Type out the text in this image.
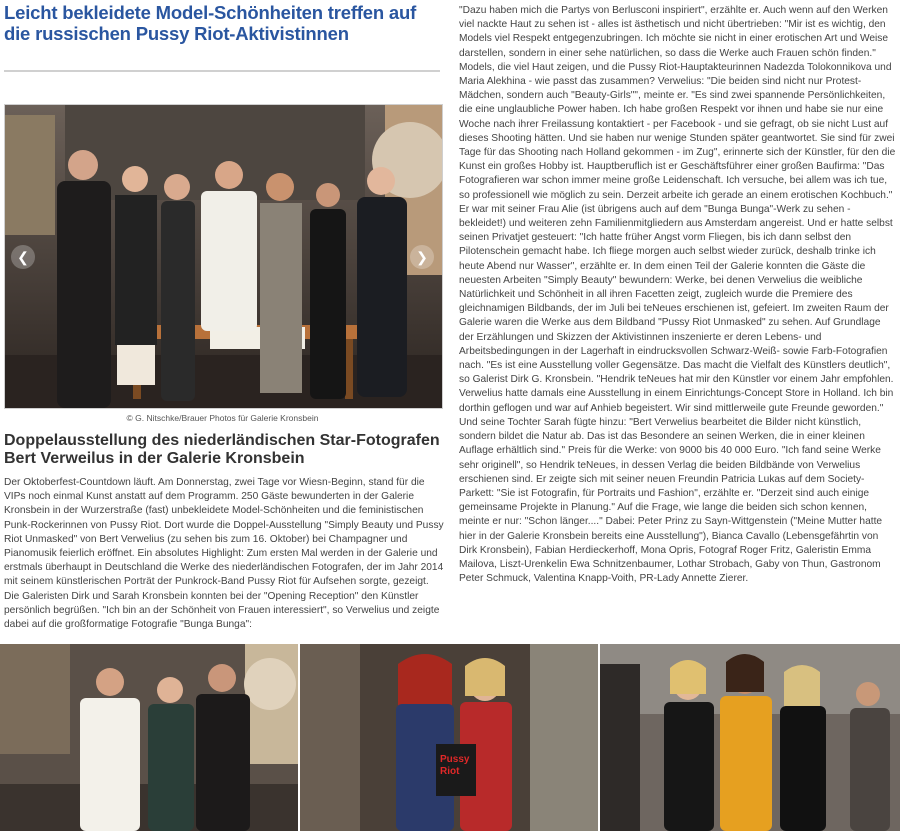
Leicht bekleidete Model-Schönheiten treffen auf die russischen Pussy Riot-Aktivistinnen
❮	❯
© G. Nitschke/Brauer Photos für Galerie Kronsbein
Doppelausstellung des niederländischen Star-Fotografen Bert Verweilus in der Galerie Kronsbein

Der Oktoberfest-Countdown läuft. Am Donnerstag, zwei Tage vor Wiesn-Beginn, stand für die VIPs noch einmal Kunst anstatt auf dem Programm. 250 Gäste bewunderten in der Galerie Kronsbein in der Wurzerstraße (fast) unbekleidete Model-Schönheiten und die feministischen Punk-Rockerinnen von Pussy Riot. Dort wurde die Doppel-Ausstellung "Simply Beauty und Pussy Riot Unmasked" von Bert Verwelius (zu sehen bis zum 16. Oktober) bei Champagner und Pianomusik feierlich eröffnet. Ein absolutes Highlight: Zum ersten Mal werden in der Galerie und erstmals überhaupt in Deutschland die Werke des niederländischen Fotografen, der im Jahr 2014 mit seinem künstlerischen Porträt der Punkrock-Band Pussy Riot für Aufsehen sorgte, gezeigt. Die Galeristen Dirk und Sarah Kronsbein konnten bei der "Opening Reception" den Künstler persönlich begrüßen. "Ich bin an der Schönheit von Frauen interessiert", so Verwelius und zeigte dabei auf die großformatige Fotografie "Bunga Bunga":

"Dazu haben mich die Partys von Berlusconi inspiriert", erzählte er. Auch wenn auf den Werken viel nackte Haut zu sehen ist - alles ist ästhetisch und nicht übertrieben: "Mir ist es wichtig, den Models viel Respekt entgegenzubringen. Ich möchte sie nicht in einer erotischen Art und Weise darstellen, sondern in einer sehe natürlichen, so dass die Werke auch Frauen schön finden." Models, die viel Haut zeigen, und die Pussy Riot-Hauptakteurinnen Nadezda Tolokonnikova und Maria Alekhina - wie passt das zusammen? Verwelius: "Die beiden sind nicht nur Protest-Mädchen, sondern auch "Beauty-Girls"", meinte er. "Es sind zwei spannende Persönlichkeiten, die eine unglaubliche Power haben. Ich habe großen Respekt vor ihnen und habe sie nur eine Woche nach ihrer Freilassung kontaktiert - per Facebook - und sie gefragt, ob sie nicht Lust auf dieses Shooting hätten. Und sie haben nur wenige Stunden später geantwortet. Sie sind für zwei Tage für das Shooting nach Holland gekommen - im Zug", erinnerte sich der Künstler, für den die Kunst ein großes Hobby ist. Hauptberuflich ist er Geschäftsführer einer großen Baufirma: "Das Fotografieren war schon immer meine große Leidenschaft. Ich versuche, bei allem was ich tue, so professionell wie möglich zu sein. Derzeit arbeite ich gerade an einem erotischen Kochbuch." Er war mit seiner Frau Alie (ist übrigens auch auf dem "Bunga Bunga"-Werk zu sehen - bekleidet!) und weiteren zehn Familienmitgliedern aus Amsterdam angereist. Und er hatte selbst seinen Privatjet gesteuert: "Ich hatte früher Angst vorm Fliegen, bis ich dann selbst den Pilotenschein gemacht habe. Ich fliege morgen auch selbst wieder zurück, deshalb trinke ich heute Abend nur Wasser", erzählte er. In dem einen Teil der Galerie konnten die Gäste die neuesten Arbeiten "Simply Beauty" bewundern: Werke, bei denen Verwelius die weibliche Natürlichkeit und Schönheit in all ihren Facetten zeigt, zugleich wurde die Premiere des gleichnamigen Bildbands, der im Juli bei teNeues erschienen ist, gefeiert. Im zweiten Raum der Galerie waren die Werke aus dem Bildband "Pussy Riot Unmasked" zu sehen. Auf Grundlage der Erzählungen und Skizzen der Aktivistinnen inszenierte er deren Lebens- und Arbeitsbedingungen in der Lagerhaft in eindrucksvollen Schwarz-Weiß- sowie Farb-Fotografien nach. "Es ist eine Ausstellung voller Gegensätze. Das macht die Vielfalt des Künstlers deutlich", so Galerist Dirk G. Kronsbein. "Hendrik teNeues hat mir den Künstler vor einem Jahr empfohlen. Verwelius hatte damals eine Ausstellung in einem Einrichtungs-Concept Store in Holland. Ich bin dorthin geflogen und war auf Anhieb begeistert. Wir sind mittlerweile gute Freunde geworden." Und seine Tochter Sarah fügte hinzu: "Bert Verwelius bearbeitet die Bilder nicht künstlich, sondern bildet die Natur ab. Das ist das Besondere an seinen Werken, die in einer kleinen Auflage erhältlich sind." Preis für die Werke: von 9000 bis 40 000 Euro. "Ich fand seine Werke sehr originell", so Hendrik teNeues, in dessen Verlag die beiden Bildbände von Verwelius erschienen sind. Er zeigte sich mit seiner neuen Freundin Patricia Lukas auf dem Society-Parkett: "Sie ist Fotografin, für Portraits und Fashion", erzählte er. "Derzeit sind auch einige gemeinsame Projekte in Planung." Auf die Frage, wie lange die beiden sich schon kennen, meinte er nur: "Schon länger...." Dabei: Peter Prinz zu Sayn-Wittgenstein ("Meine Mutter hatte hier in der Galerie Kronsbein bereits eine Ausstellung"), Bianca Cavallo (Lebensgefährtin von Dirk Kronsbein), Fabian Herdieckerhoff, Mona Opris, Fotograf Roger Fritz, Galeristin Emma Mailova, Liszt-Urenkelin Ewa Schnitzenbaumer, Lothar Strobach, Gaby von Thun, Gastronom Peter Schmuck, Valentina Knapp-Voith, PR-Lady Annette Zierer.

Pussy
Riot
